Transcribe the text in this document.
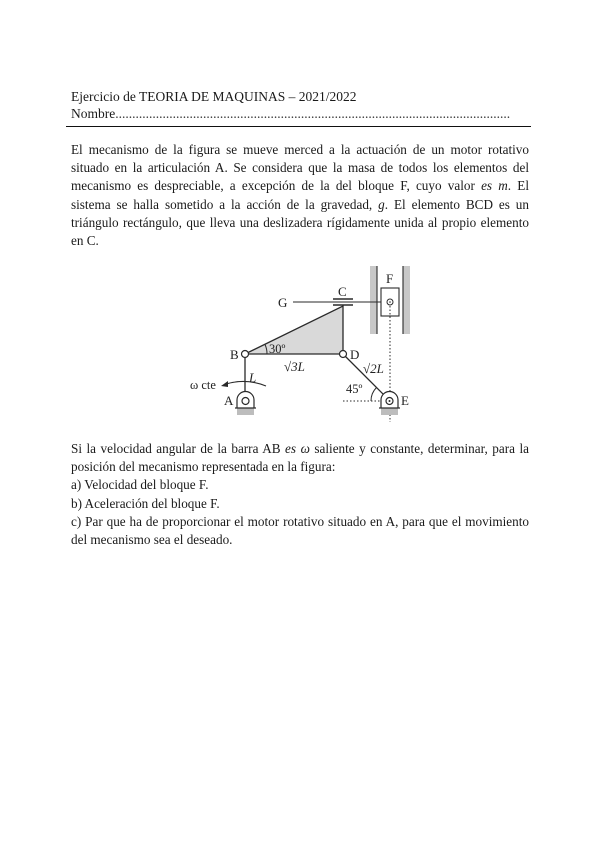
Ejercicio de TEORIA DE MAQUINAS – 2021/2022
Nombre.....................................................................................................................

El mecanismo de la figura se mueve merced a la actuación de un motor rotativo situado en la articulación A. Se considera que la masa de todos los elementos del mecanismo es despreciable, a excepción de la del bloque F, cuyo valor es m. El sistema se halla sometido a la acción de la gravedad, g. El elemento BCD es un triángulo rectángulo, que lleva una deslizadera rígidamente unida al propio elemento en C.

G
C
F
B	D
A	E
30º
45º
L
√3L	√2L
ω cte

Si la velocidad angular de la barra AB es ω saliente y constante, determinar, para la posición del mecanismo representada en la figura:

a) Velocidad del bloque F.

b) Aceleración del bloque F.

c) Par que ha de proporcionar el motor rotativo situado en A, para que el movimiento del mecanismo sea el deseado.
